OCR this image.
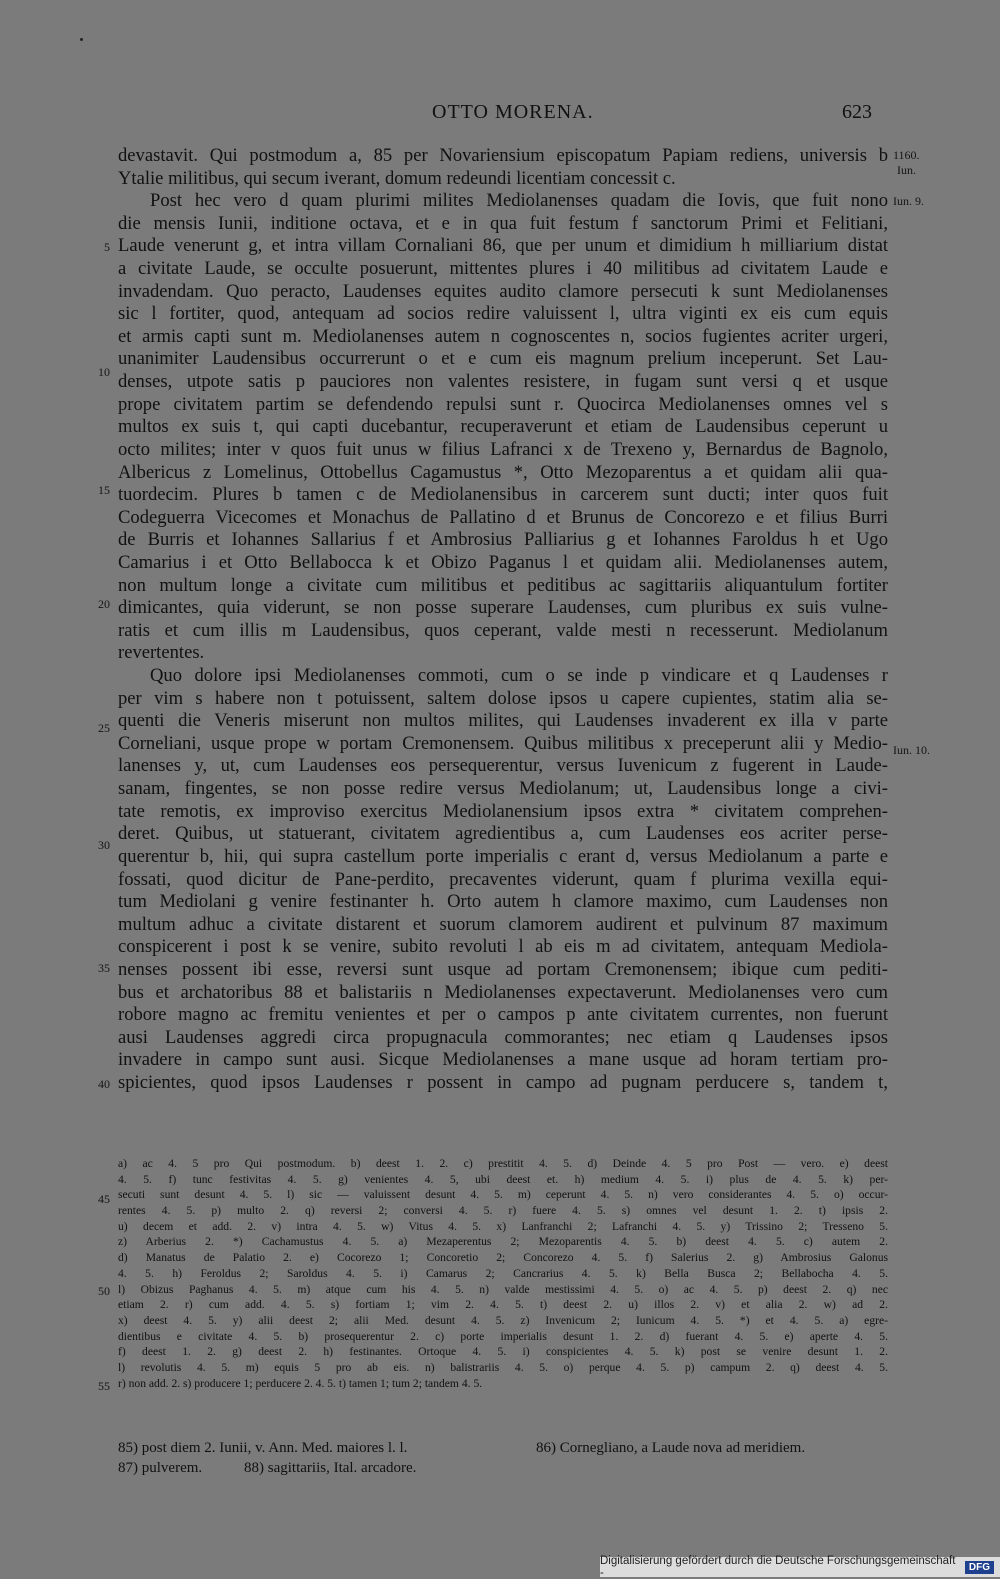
OTTO MORENA.	623
devastavit. Qui postmodum a, 85 per Novariensium episcopatum Papiam rediens, universis b
Ytalie militibus, qui secum iverant, domum redeundi licentiam concessit c.
Post hec vero d quam plurimi milites Mediolanenses quadam die Iovis, que fuit nono
die mensis Iunii, inditione octava, et e in qua fuit festum f sanctorum Primi et Felitiani,
Laude venerunt g, et intra villam Cornaliani 86, que per unum et dimidium h milliarium distat
a civitate Laude, se occulte posuerunt, mittentes plures i 40 militibus ad civitatem Laude e
invadendam. Quo peracto, Laudenses equites audito clamore persecuti k sunt Mediolanenses
sic l fortiter, quod, antequam ad socios redire valuissent l, ultra viginti ex eis cum equis
et armis capti sunt m. Mediolanenses autem n cognoscentes n, socios fugientes acriter urgeri,
unanimiter Laudensibus occurrerunt o et e cum eis magnum prelium inceperunt. Set Lau-
denses, utpote satis p pauciores non valentes resistere, in fugam sunt versi q et usque
prope civitatem partim se defendendo repulsi sunt r. Quocirca Mediolanenses omnes vel s
multos ex suis t, qui capti ducebantur, recuperaverunt et etiam de Laudensibus ceperunt u
octo milites; inter v quos fuit unus w filius Lafranci x de Trexeno y, Bernardus de Bagnolo,
Albericus z Lomelinus, Ottobellus Cagamustus *, Otto Mezoparentus a et quidam alii qua-
tuordecim. Plures b tamen c de Mediolanensibus in carcerem sunt ducti; inter quos fuit
Codeguerra Vicecomes et Monachus de Pallatino d et Brunus de Concorezo e et filius Burri
de Burris et Iohannes Sallarius f et Ambrosius Palliarius g et Iohannes Faroldus h et Ugo
Camarius i et Otto Bellabocca k et Obizo Paganus l et quidam alii. Mediolanenses autem,
non multum longe a civitate cum militibus et peditibus ac sagittariis aliquantulum fortiter
dimicantes, quia viderunt, se non posse superare Laudenses, cum pluribus ex suis vulne-
ratis et cum illis m Laudensibus, quos ceperant, valde mesti n recesserunt. Mediolanum
revertentes.
Quo dolore ipsi Mediolanenses commoti, cum o se inde p vindicare et q Laudenses r
per vim s habere non t potuissent, saltem dolose ipsos u capere cupientes, statim alia se-
quenti die Veneris miserunt non multos milites, qui Laudenses invaderent ex illa v parte
Corneliani, usque prope w portam Cremonensem. Quibus militibus x preceperunt alii y Medio-
lanenses y, ut, cum Laudenses eos persequerentur, versus Iuvenicum z fugerent in Laude-
sanam, fingentes, se non posse redire versus Mediolanum; ut, Laudensibus longe a civi-
tate remotis, ex improviso exercitus Mediolanensium ipsos extra * civitatem comprehen-
deret. Quibus, ut statuerant, civitatem agredientibus a, cum Laudenses eos acriter perse-
querentur b, hii, qui supra castellum porte imperialis c erant d, versus Mediolanum a parte e
fossati, quod dicitur de Pane-perdito, precaventes viderunt, quam f plurima vexilla equi-
tum Mediolani g venire festinanter h. Orto autem h clamore maximo, cum Laudenses non
multum adhuc a civitate distarent et suorum clamorem audirent et pulvinum 87 maximum
conspicerent i post k se venire, subito revoluti l ab eis m ad civitatem, antequam Mediola-
nenses possent ibi esse, reversi sunt usque ad portam Cremonensem; ibique cum pediti-
bus et archatoribus 88 et balistariis n Mediolanenses expectaverunt. Mediolanenses vero cum
robore magno ac fremitu venientes et per o campos p ante civitatem currentes, non fuerunt
ausi Laudenses aggredi circa propugnacula commorantes; nec etiam q Laudenses ipsos
invadere in campo sunt ausi. Sicque Mediolanenses a mane usque ad horam tertiam pro-
spicientes, quod ipsos Laudenses r possent in campo ad pugnam perducere s, tandem t,
1160.
Iun.
Iun. 9.
Iun. 10.
5
10
15
20
25
30
35
40
45
50
55
a) ac 4. 5 pro Qui postmodum. b) deest 1. 2. c) prestitit 4. 5. d) Deinde 4. 5 pro Post — vero. e) deest
4. 5. f) tunc festivitas 4. 5. g) venientes 4. 5, ubi deest et. h) medium 4. 5. i) plus de 4. 5. k) per-
secuti sunt desunt 4. 5. l) sic — valuissent desunt 4. 5. m) ceperunt 4. 5. n) vero considerantes 4. 5. o) occur-
rentes 4. 5. p) multo 2. q) reversi 2; conversi 4. 5. r) fuere 4. 5. s) omnes vel desunt 1. 2. t) ipsis 2.
u) decem et add. 2. v) intra 4. 5. w) Vitus 4. 5. x) Lanfranchi 2; Lafranchi 4. 5. y) Trissino 2; Tresseno 5.
z) Arberius 2. *) Cachamustus 4. 5. a) Mezaperentus 2; Mezoparentis 4. 5. b) deest 4. 5. c) autem 2.
d) Manatus de Palatio 2. e) Cocorezo 1; Concoretio 2; Concorezo 4. 5. f) Salerius 2. g) Ambrosius Galonus
4. 5. h) Feroldus 2; Saroldus 4. 5. i) Camarus 2; Cancrarius 4. 5. k) Bella Busca 2; Bellabocha 4. 5.
l) Obizus Paghanus 4. 5. m) atque cum his 4. 5. n) valde mestissimi 4. 5. o) ac 4. 5. p) deest 2. q) nec
etiam 2. r) cum add. 4. 5. s) fortiam 1; vim 2. 4. 5. t) deest 2. u) illos 2. v) et alia 2. w) ad 2.
x) deest 4. 5. y) alii deest 2; alii Med. desunt 4. 5. z) Invenicum 2; Iunicum 4. 5. *) et 4. 5. a) egre-
dientibus e civitate 4. 5. b) prosequerentur 2. c) porte imperialis desunt 1. 2. d) fuerant 4. 5. e) aperte 4. 5.
f) deest 1. 2. g) deest 2. h) festinantes. Ortoque 4. 5. i) conspicientes 4. 5. k) post se venire desunt 1. 2.
l) revolutis 4. 5. m) equis 5 pro ab eis. n) balistrariis 4. 5. o) perque 4. 5. p) campum 2. q) deest 4. 5.
r) non add. 2. s) producere 1; perducere 2. 4. 5. t) tamen 1; tum 2; tandem 4. 5.
85) post diem 2. Iunii, v. Ann. Med. maiores l. l.	86) Cornegliano, a Laude nova ad meridiem.
87) pulverem.	88) sagittariis, Ital. arcadore.
Digitalisierung gefördert durch die Deutsche Forschungsgemeinschaft -	DFG
